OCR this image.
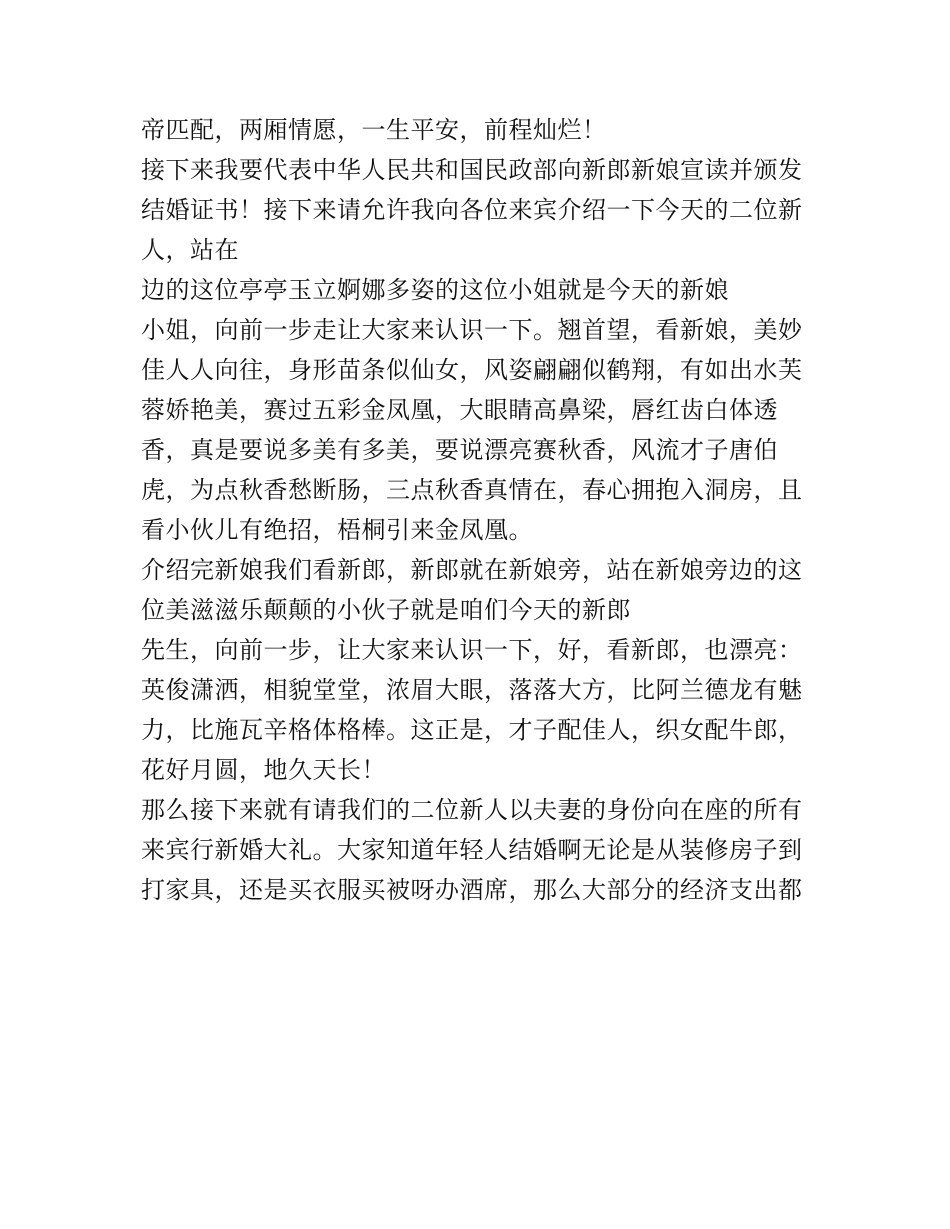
帝匹配，两厢情愿，一生平安，前程灿烂！

接下来我要代表中华人民共和国民政部向新郎新娘宣读并颁发

结婚证书！接下来请允许我向各位来宾介绍一下今天的二位新

人，站在

边的这位亭亭玉立婀娜多姿的这位小姐就是今天的新娘

小姐，向前一步走让大家来认识一下。翘首望，看新娘，美妙

佳人人向往，身形苗条似仙女，风姿翩翩似鹤翔，有如出水芙

蓉娇艳美，赛过五彩金凤凰，大眼睛高鼻梁，唇红齿白体透

香，真是要说多美有多美，要说漂亮赛秋香，风流才子唐伯

虎，为点秋香愁断肠，三点秋香真情在，春心拥抱入洞房，且

看小伙儿有绝招，梧桐引来金凤凰。

介绍完新娘我们看新郎，新郎就在新娘旁，站在新娘旁边的这

位美滋滋乐颠颠的小伙子就是咱们今天的新郎

先生，向前一步，让大家来认识一下，好，看新郎，也漂亮：

英俊潇洒，相貌堂堂，浓眉大眼，落落大方，比阿兰德龙有魅

力，比施瓦辛格体格棒。这正是，才子配佳人，织女配牛郎，

花好月圆，地久天长！

那么接下来就有请我们的二位新人以夫妻的身份向在座的所有

来宾行新婚大礼。大家知道年轻人结婚啊无论是从装修房子到

打家具，还是买衣服买被呀办酒席，那么大部分的经济支出都
